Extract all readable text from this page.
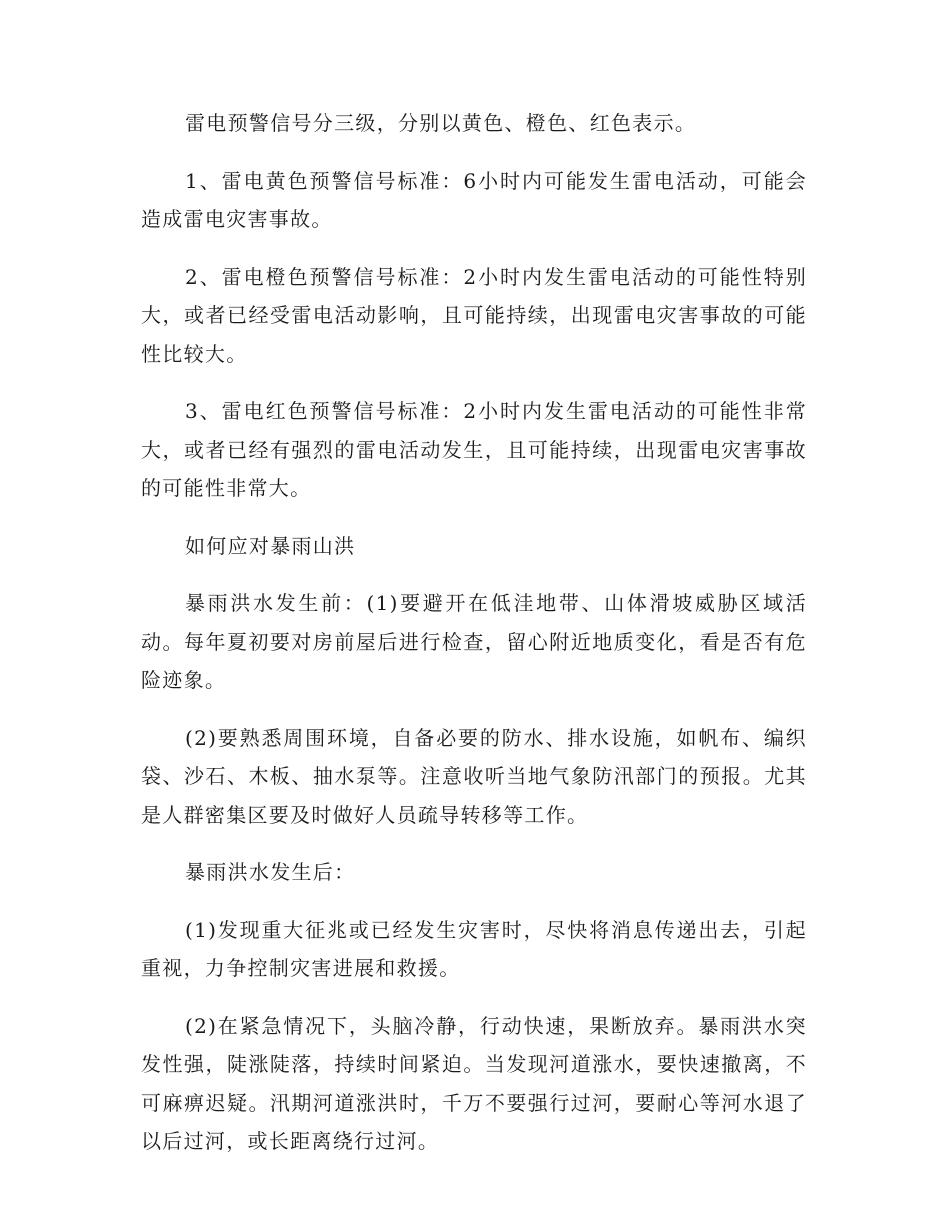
雷电预警信号分三级，分别以黄色、橙色、红色表示。

1、雷电黄色预警信号标准：6小时内可能发生雷电活动，可能会造成雷电灾害事故。

2、雷电橙色预警信号标准：2小时内发生雷电活动的可能性特别大，或者已经受雷电活动影响，且可能持续，出现雷电灾害事故的可能性比较大。

3、雷电红色预警信号标准：2小时内发生雷电活动的可能性非常大，或者已经有强烈的雷电活动发生，且可能持续，出现雷电灾害事故的可能性非常大。

如何应对暴雨山洪

暴雨洪水发生前：(1)要避开在低洼地带、山体滑坡威胁区域活动。每年夏初要对房前屋后进行检查，留心附近地质变化，看是否有危险迹象。

(2)要熟悉周围环境，自备必要的防水、排水设施，如帆布、编织袋、沙石、木板、抽水泵等。注意收听当地气象防汛部门的预报。尤其是人群密集区要及时做好人员疏导转移等工作。

暴雨洪水发生后：

(1)发现重大征兆或已经发生灾害时，尽快将消息传递出去，引起重视，力争控制灾害进展和救援。

(2)在紧急情况下，头脑冷静，行动快速，果断放弃。暴雨洪水突发性强，陡涨陡落，持续时间紧迫。当发现河道涨水，要快速撤离，不可麻痹迟疑。汛期河道涨洪时，千万不要强行过河，要耐心等河水退了以后过河，或长距离绕行过河。
